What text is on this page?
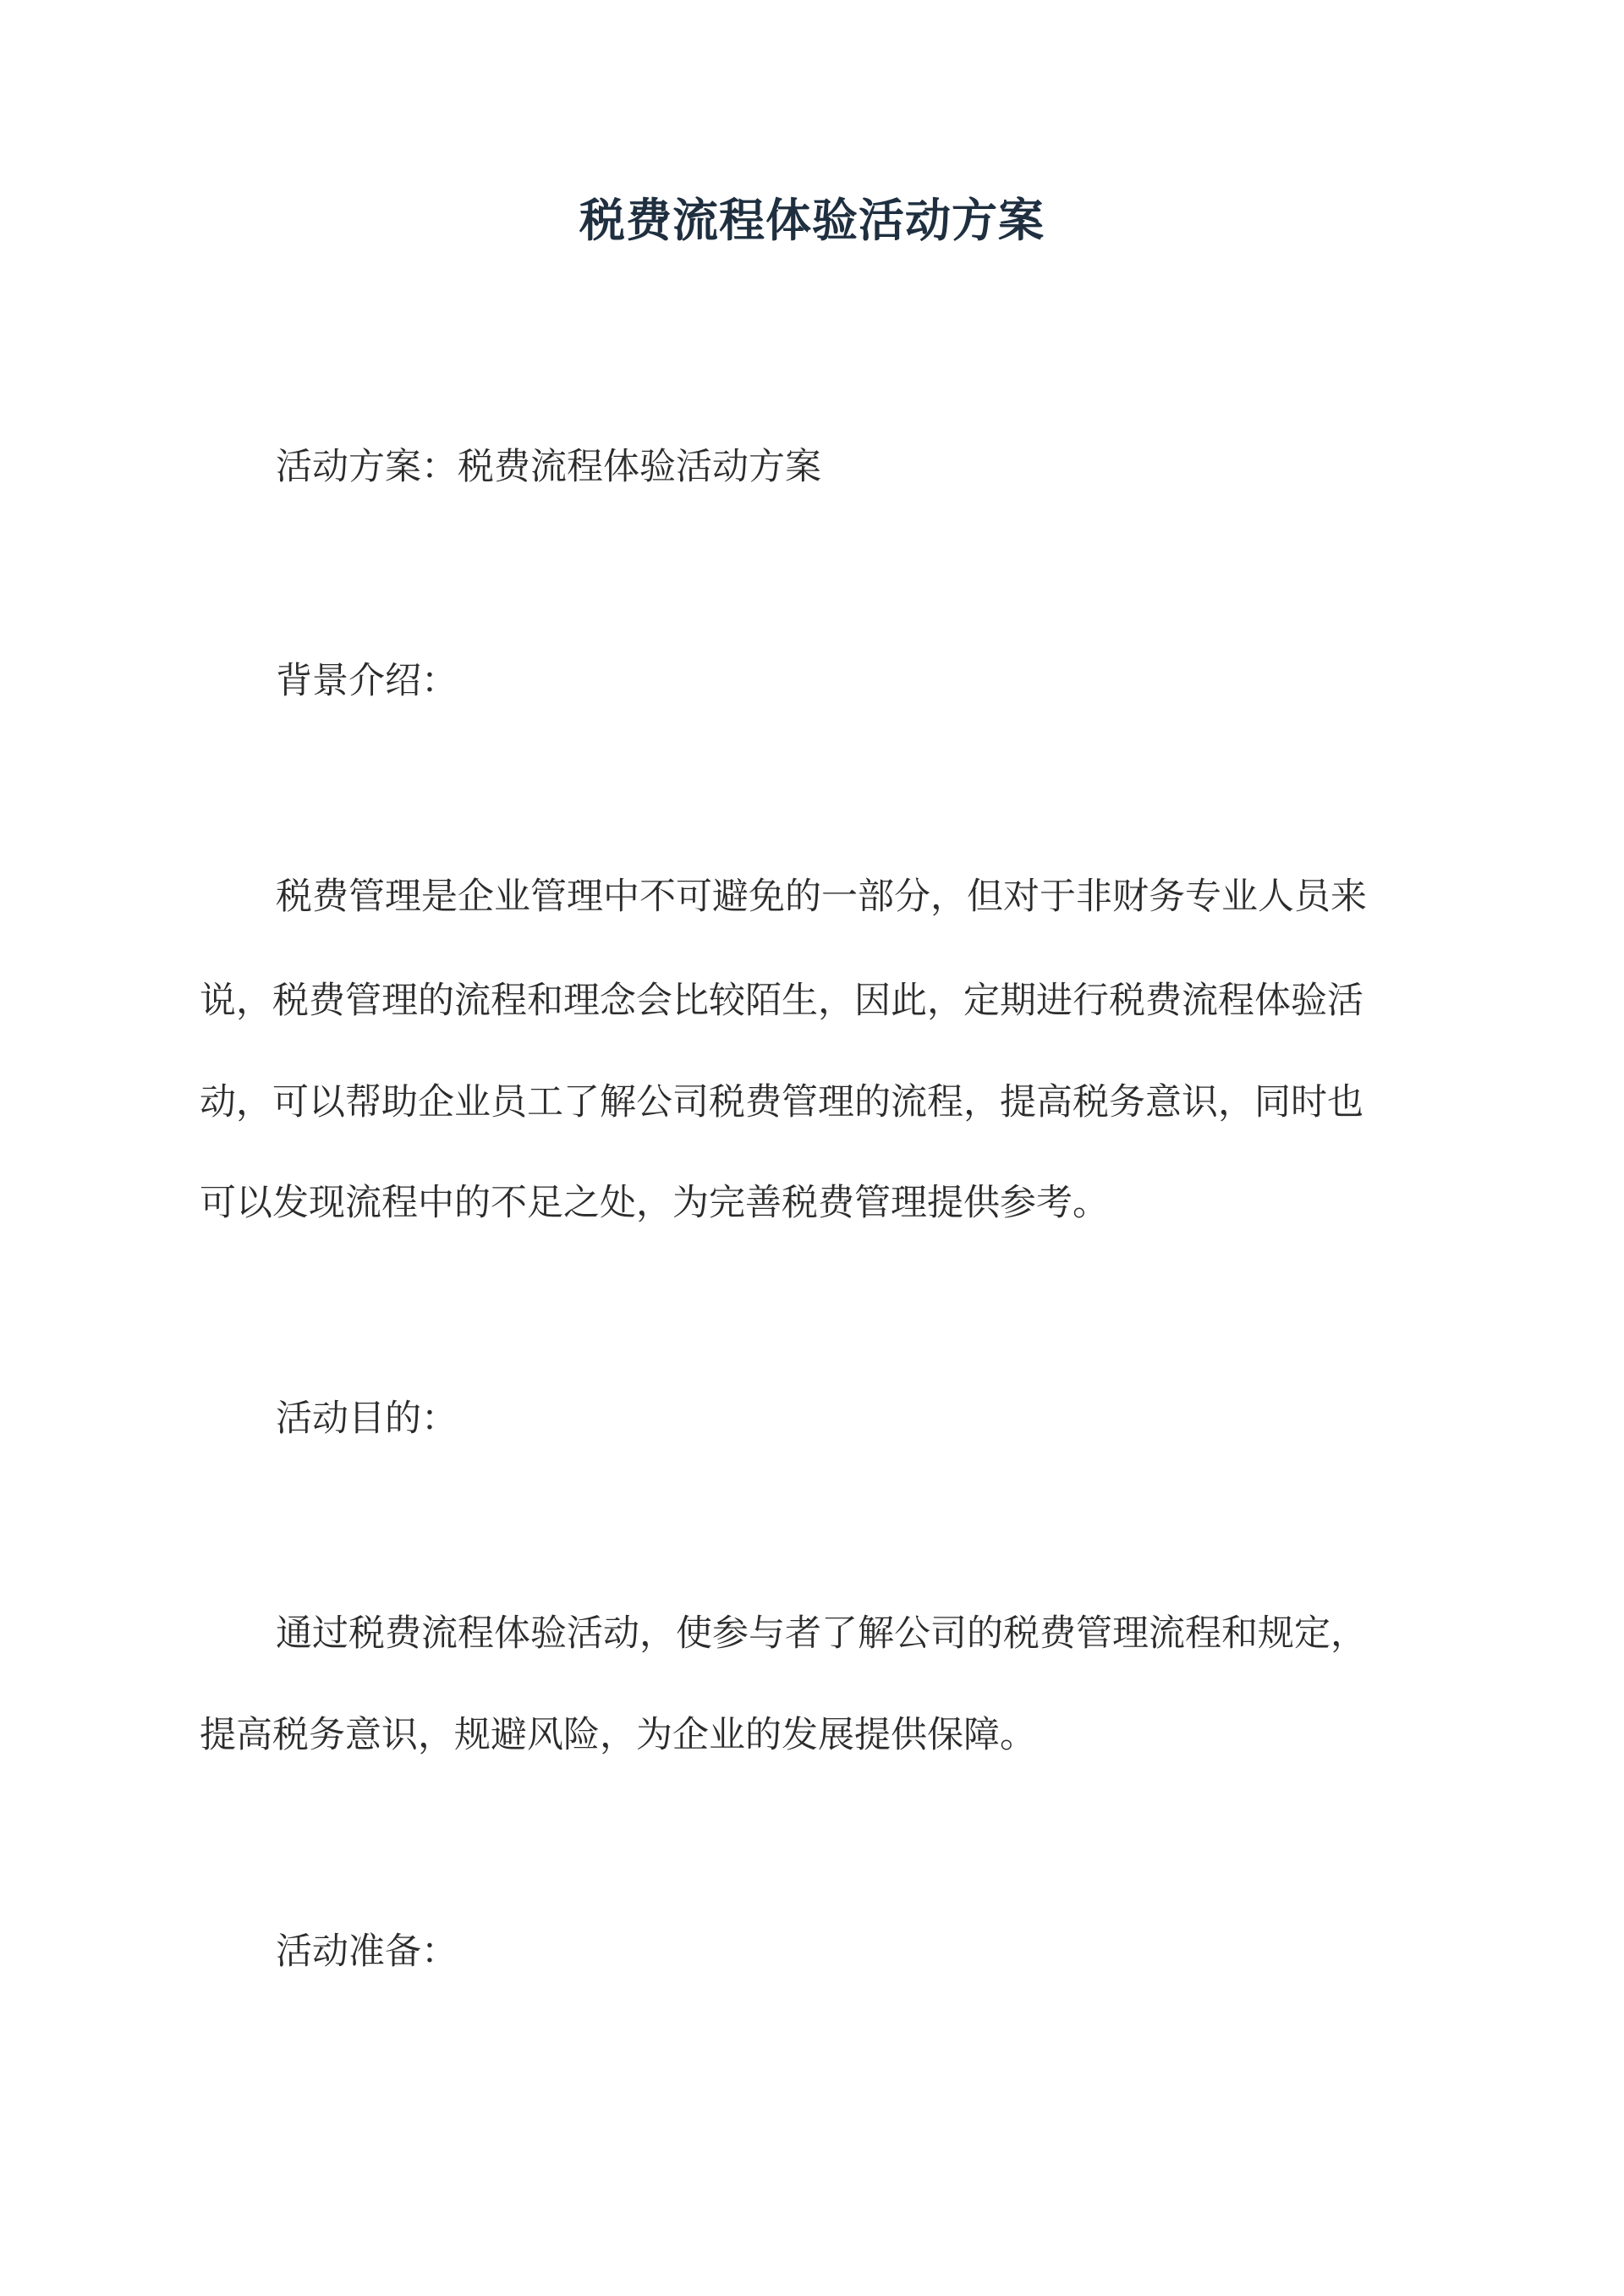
税费流程体验活动方案
活动方案：税费流程体验活动方案
背景介绍：
税费管理是企业管理中不可避免的一部分，但对于非财务专业人员来
说，税费管理的流程和理念会比较陌生，因此，定期进行税费流程体验活
动，可以帮助企业员工了解公司税费管理的流程，提高税务意识，同时也
可以发现流程中的不足之处，为完善税费管理提供参考。
活动目的：
通过税费流程体验活动，使参与者了解公司的税费管理流程和规定，
提高税务意识，规避风险，为企业的发展提供保障。
活动准备：
